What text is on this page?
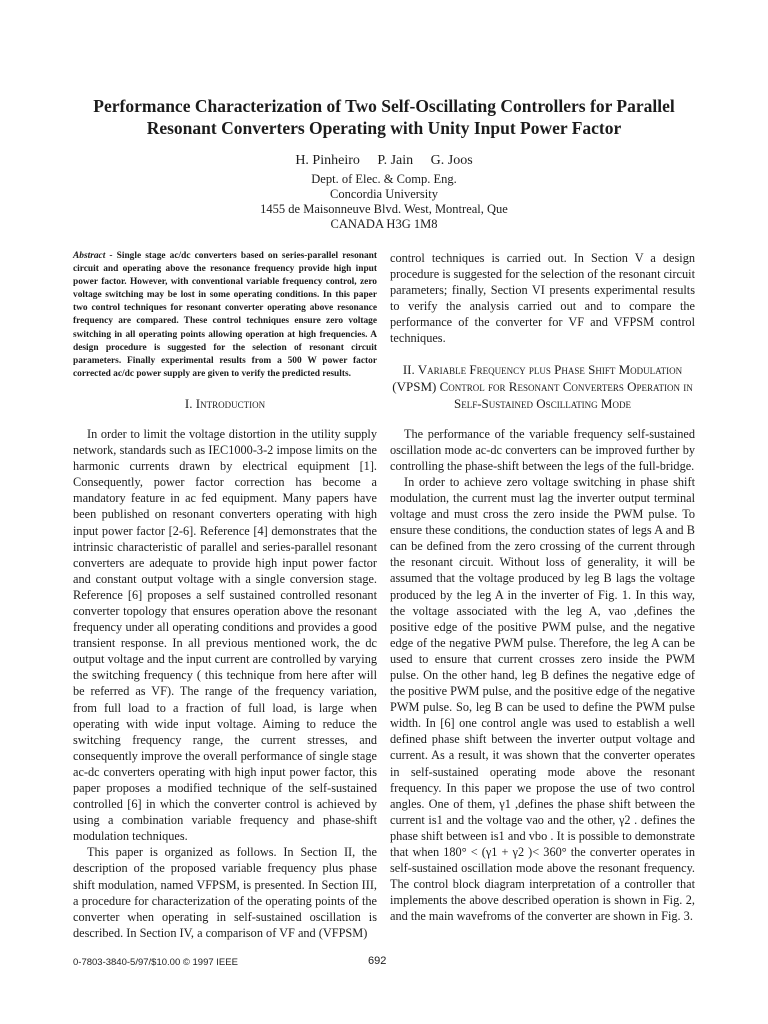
Performance Characterization of Two Self-Oscillating Controllers for Parallel
Resonant Converters Operating with Unity Input Power Factor
H. Pinheiro     P. Jain     G. Joos
Dept. of Elec. & Comp. Eng.
Concordia University
1455 de Maisonneuve Blvd. West, Montreal, Que
CANADA H3G 1M8

Abstract - Single stage ac/dc converters based on series-parallel resonant circuit and operating above the resonance frequency provide high input power factor. However, with conventional variable frequency control, zero voltage switching may be lost in some operating conditions. In this paper two control techniques for resonant converter operating above resonance frequency are compared. These control techniques ensure zero voltage switching in all operating points allowing operation at high frequencies. A design procedure is suggested for the selection of resonant circuit parameters. Finally experimental results from a 500 W power factor corrected ac/dc power supply are given to verify the predicted results.

I. Introduction

In order to limit the voltage distortion in the utility supply network, standards such as IEC1000-3-2 impose limits on the harmonic currents drawn by electrical equipment [1]. Consequently, power factor correction has become a mandatory feature in ac fed equipment. Many papers have been published on resonant converters operating with high input power factor [2-6]. Reference [4] demonstrates that the intrinsic characteristic of parallel and series-parallel resonant converters are adequate to provide high input power factor and constant output voltage with a single conversion stage. Reference [6] proposes a self sustained controlled resonant converter topology that ensures operation above the resonant frequency under all operating conditions and provides a good transient response. In all previous mentioned work, the dc output voltage and the input current are controlled by varying the switching frequency ( this technique from here after will be referred as VF). The range of the frequency variation, from full load to a fraction of full load, is large when operating with wide input voltage. Aiming to reduce the switching frequency range, the current stresses, and consequently improve the overall performance of single stage ac-dc converters operating with high input power factor, this paper proposes a modified technique of the self-sustained controlled [6] in which the converter control is achieved by using a combination variable frequency and phase-shift modulation techniques.

This paper is organized as follows. In Section II, the description of the proposed variable frequency plus phase shift modulation, named VFPSM, is presented. In Section III, a procedure for characterization of the operating points of the converter when operating in self-sustained oscillation is described. In Section IV, a comparison of VF and (VFPSM)

control techniques is carried out. In Section V a design procedure is suggested for the selection of the resonant circuit parameters; finally, Section VI presents experimental results to verify the analysis carried out and to compare the performance of the converter for VF and VFPSM control techniques.

II. Variable Frequency plus Phase Shift Modulation (VPSM) Control for Resonant Converters Operation in Self-Sustained Oscillating Mode

The performance of the variable frequency self-sustained oscillation mode ac-dc converters can be improved further by controlling the phase-shift between the legs of the full-bridge.

In order to achieve zero voltage switching in phase shift modulation, the current must lag the inverter output terminal voltage and must cross the zero inside the PWM pulse. To ensure these conditions, the conduction states of legs A and B can be defined from the zero crossing of the current through the resonant circuit. Without loss of generality, it will be assumed that the voltage produced by leg B lags the voltage produced by the leg A in the inverter of Fig. 1. In this way, the voltage associated with the leg A, vao ,defines the positive edge of the positive PWM pulse, and the negative edge of the negative PWM pulse. Therefore, the leg A can be used to ensure that current crosses zero inside the PWM pulse. On the other hand, leg B defines the negative edge of the positive PWM pulse, and the positive edge of the negative PWM pulse. So, leg B can be used to define the PWM pulse width. In [6] one control angle was used to establish a well defined phase shift between the inverter output voltage and current. As a result, it was shown that the converter operates in self-sustained operating mode above the resonant frequency. In this paper we propose the use of two control angles. One of them, γ1 ,defines the phase shift between the current is1 and the voltage vao and the other, γ2 . defines the phase shift between is1 and vbo . It is possible to demonstrate that when 180° < (γ1 + γ2 )< 360° the converter operates in self-sustained oscillation mode above the resonant frequency. The control block diagram interpretation of a controller that implements the above described operation is shown in Fig. 2, and the main wavefroms of the converter are shown in Fig. 3.

0-7803-3840-5/97/$10.00 © 1997 IEEE	692
